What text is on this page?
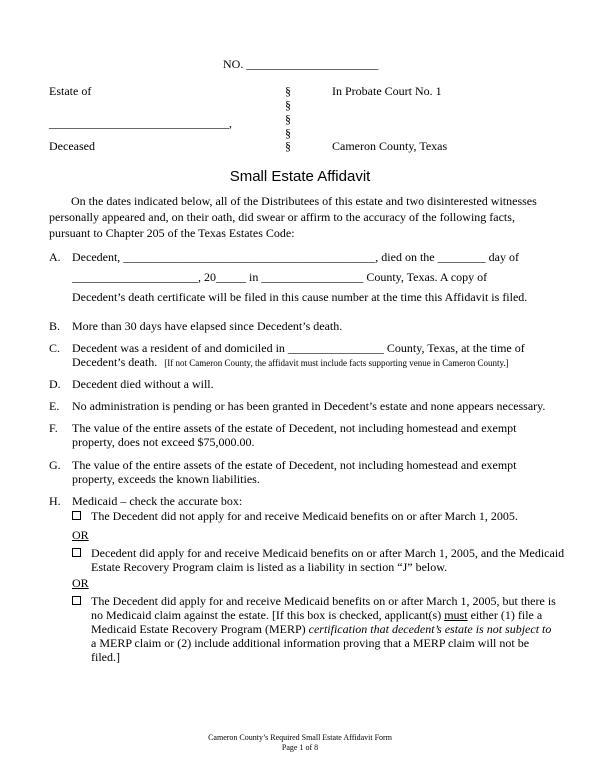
NO. ______________________
Estate of
______________________________,
Deceased
§
§
§
§
§
In Probate Court No. 1
Cameron County, Texas
Small Estate Affidavit
On the dates indicated below, all of the Distributees of this estate and two disinterested witnesses personally appeared and, on their oath, did swear or affirm to the accuracy of the following facts, pursuant to Chapter 205 of the Texas Estates Code:
A. Decedent, __________________________________________, died on the ________ day of
_____________________, 20_____ in _________________ County, Texas. A copy of
Decedent’s death certificate will be filed in this cause number at the time this Affidavit is filed.
B. More than 30 days have elapsed since Decedent’s death.
C. Decedent was a resident of and domiciled in ________________ County, Texas, at the time of
Decedent’s death. [If not Cameron County, the affidavit must include facts supporting venue in Cameron County.]
D. Decedent died without a will.
E. No administration is pending or has been granted in Decedent’s estate and none appears necessary.
F. The value of the entire assets of the estate of Decedent, not including homestead and exempt
property, does not exceed $75,000.00.
G. The value of the entire assets of the estate of Decedent, not including homestead and exempt
property, exceeds the known liabilities.
H. Medicaid – check the accurate box:
The Decedent did not apply for and receive Medicaid benefits on or after March 1, 2005.
OR
Decedent did apply for and receive Medicaid benefits on or after March 1, 2005, and the Medicaid
Estate Recovery Program claim is listed as a liability in section “J” below.
OR
The Decedent did apply for and receive Medicaid benefits on or after March 1, 2005, but there is
no Medicaid claim against the estate. [If this box is checked, applicant(s) must either (1) file a
Medicaid Estate Recovery Program (MERP) certification that decedent’s estate is not subject to
a MERP claim or (2) include additional information proving that a MERP claim will not be
filed.]
Cameron County’s Required Small Estate Affidavit Form
Page 1 of 8
